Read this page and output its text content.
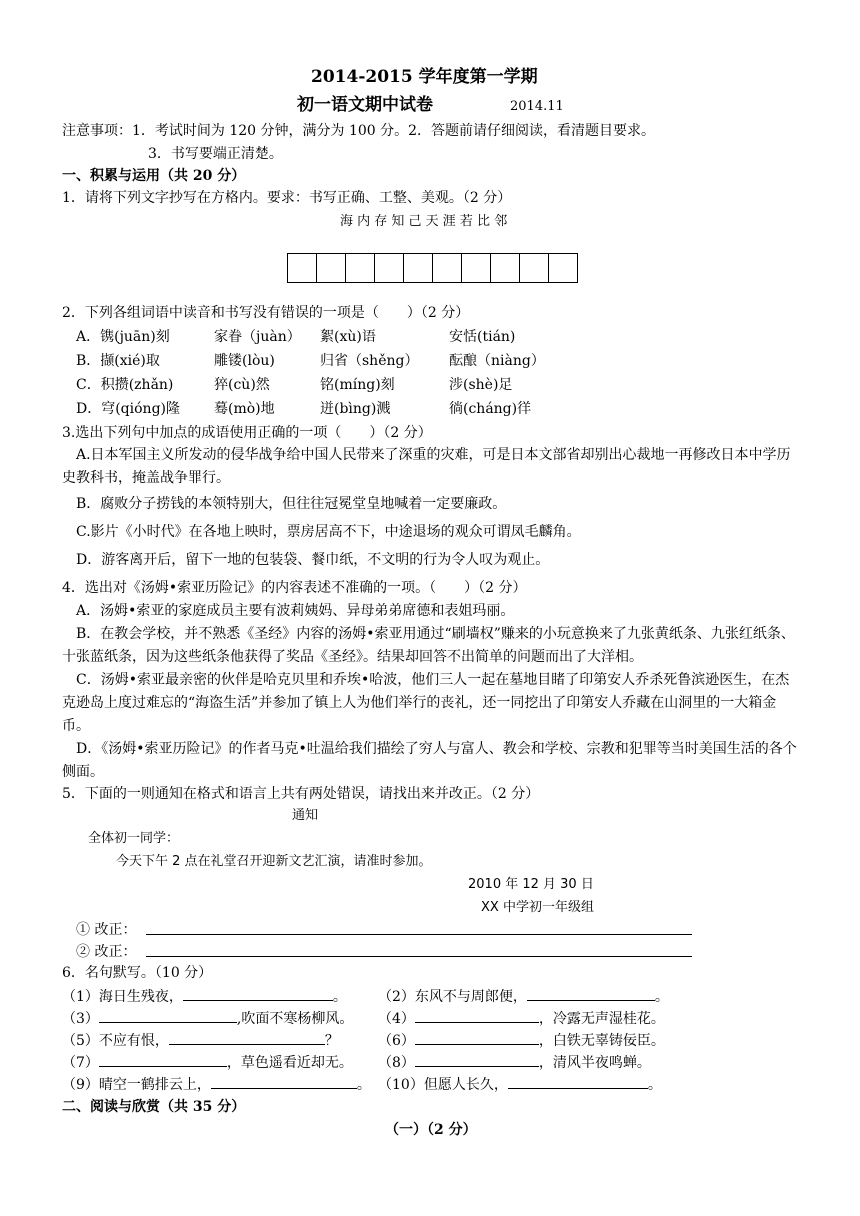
2014-2015 学年度第一学期
初一语文期中试卷	2014.11
注意事项：1．考试时间为 120 分钟，满分为 100 分。2．答题前请仔细阅读，看清题目要求。
3．书写要端正清楚。
一、积累与运用（共 20 分）
1．请将下列文字抄写在方格内。要求：书写正确、工整、美观。（2 分）
海 内 存 知 己 天 涯 若 比 邻
2．下列各组词语中读音和书写没有错误的一项是（　　）（2 分）
A．镌(juān)刻	家眷（juàn） 絮(xù)语	安恬(tián)
B．撷(xié)取	雕镂(lòu)	归省（shěng） 酝酿（niàng）
C．积攒(zhǎn)	猝(cù)然	铭(míng)刻	涉(shè)足
D．穹(qióng)隆 蓦(mò)地	迸(bìng)溅	徜(cháng)徉
3.选出下列句中加点的成语使用正确的一项（　　）（2 分）
A.日本军国主义所发动的侵华战争给中国人民带来了深重的灾难，可是日本文部省却别出心裁地一再修改日本中学历史教科书，掩盖战争罪行。
B．腐败分子捞钱的本领特别大，但往往冠冕堂皇地喊着一定要廉政。
C.影片《小时代》在各地上映时，票房居高不下，中途退场的观众可谓凤毛麟角。
D．游客离开后，留下一地的包装袋、餐巾纸，不文明的行为令人叹为观止。
4．选出对《汤姆•索亚历险记》的内容表述不准确的一项。（　　）（2 分）
A．汤姆•索亚的家庭成员主要有波莉姨妈、异母弟弟席德和表姐玛丽。
B．在教会学校，并不熟悉《圣经》内容的汤姆•索亚用通过“刷墙权”赚来的小玩意换来了九张黄纸条、九张红纸条、十张蓝纸条，因为这些纸条他获得了奖品《圣经》。结果却回答不出简单的问题而出了大洋相。
C．汤姆•索亚最亲密的伙伴是哈克贝里和乔埃•哈波，他们三人一起在墓地目睹了印第安人乔杀死鲁滨逊医生，在杰克逊岛上度过难忘的“海盗生活”并参加了镇上人为他们举行的丧礼，还一同挖出了印第安人乔藏在山洞里的一大箱金币。
D．《汤姆•索亚历险记》的作者马克•吐温给我们描绘了穷人与富人、教会和学校、宗教和犯罪等当时美国生活的各个侧面。
5．下面的一则通知在格式和语言上共有两处错误，请找出来并改正。（2 分）
通知
全体初一同学：
今天下午 2 点在礼堂召开迎新文艺汇演，请准时参加。
2010 年 12 月 30 日
XX 中学初一年级组
① 改正：
② 改正：
6．名句默写。（10 分）
（1）海日生残夜，	。 （2）东风不与周郎便，	。
（3）	,吹面不寒杨柳风。 （4）	，冷露无声湿桂花。
（5）不应有恨，	？	（6）	，白铁无辜铸佞臣。
（7）	，草色遥看近却无。 （8）	，清风半夜鸣蝉。
（9）晴空一鹤排云上，	。 （10）但愿人长久，	。
二、阅读与欣赏（共 35 分）
（一）（2 分）
